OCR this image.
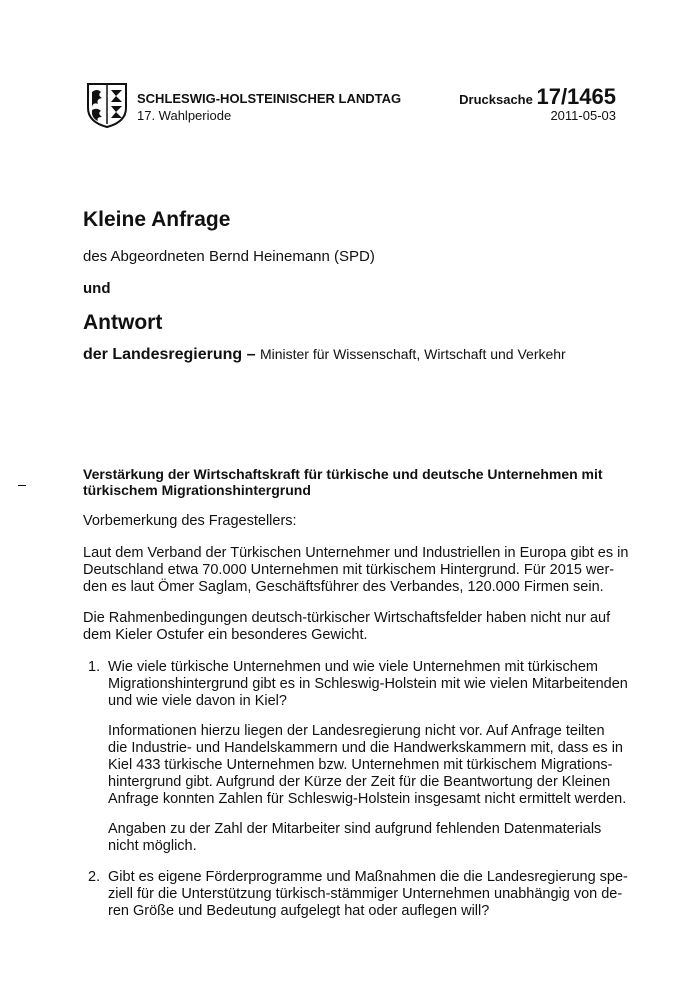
SCHLESWIG-HOLSTEINISCHER LANDTAG
17. Wahlperiode
Drucksache 17/1465
2011-05-03
Kleine Anfrage
des Abgeordneten Bernd Heinemann (SPD)
und
Antwort
der Landesregierung – Minister für Wissenschaft, Wirtschaft und Verkehr
Verstärkung der Wirtschaftskraft für türkische und deutsche Unternehmen mit
türkischem Migrationshintergrund
Vorbemerkung des Fragestellers:
Laut dem Verband der Türkischen Unternehmer und Industriellen in Europa gibt es in
Deutschland etwa 70.000 Unternehmen mit türkischem Hintergrund. Für 2015 wer-
den es laut Ömer Saglam, Geschäftsführer des Verbandes, 120.000 Firmen sein.
Die Rahmenbedingungen deutsch-türkischer Wirtschaftsfelder haben nicht nur auf
dem Kieler Ostufer ein besonderes Gewicht.
1. Wie viele türkische Unternehmen und wie viele Unternehmen mit türkischem
Migrationshintergrund gibt es in Schleswig-Holstein mit wie vielen Mitarbeitenden
und wie viele davon in Kiel?
Informationen hierzu liegen der Landesregierung nicht vor. Auf Anfrage teilten
die Industrie- und Handelskammern und die Handwerkskammern mit, dass es in
Kiel 433 türkische Unternehmen bzw. Unternehmen mit türkischem Migrations-
hintergrund gibt. Aufgrund der Kürze der Zeit für die Beantwortung der Kleinen
Anfrage konnten Zahlen für Schleswig-Holstein insgesamt nicht ermittelt werden.
Angaben zu der Zahl der Mitarbeiter sind aufgrund fehlenden Datenmaterials
nicht möglich.
2. Gibt es eigene Förderprogramme und Maßnahmen die die Landesregierung spe-
ziell für die Unterstützung türkisch-stämmiger Unternehmen unabhängig von de-
ren Größe und Bedeutung aufgelegt hat oder auflegen will?
